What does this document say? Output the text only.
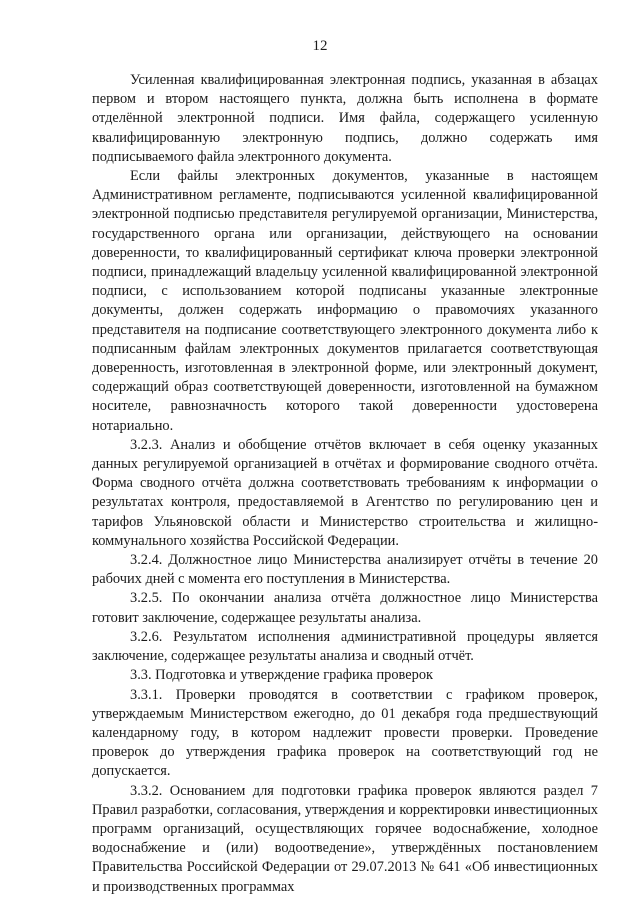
12

Усиленная квалифицированная электронная подпись, указанная в абзацах первом и втором настоящего пункта, должна быть исполнена в формате отделённой электронной подписи. Имя файла, содержащего усиленную квалифицированную электронную подпись, должно содержать имя подписываемого файла электронного документа.

Если файлы электронных документов, указанные в настоящем Административном регламенте, подписываются усиленной квалифицированной электронной подписью представителя регулируемой организации, Министерства, государственного органа или организации, действующего на основании доверенности, то квалифицированный сертификат ключа проверки электронной подписи, принадлежащий владельцу усиленной квалифицированной электронной подписи, с использованием которой подписаны указанные электронные документы, должен содержать информацию о правомочиях указанного представителя на подписание соответствующего электронного документа либо к подписанным файлам электронных документов прилагается соответствующая доверенность, изготовленная в электронной форме, или электронный документ, содержащий образ соответствующей доверенности, изготовленной на бумажном носителе, равнозначность которого такой доверенности удостоверена нотариально.

3.2.3. Анализ и обобщение отчётов включает в себя оценку указанных данных регулируемой организацией в отчётах и формирование сводного отчёта. Форма сводного отчёта должна соответствовать требованиям к информации о результатах контроля, предоставляемой в Агентство по регулированию цен и тарифов Ульяновской области и Министерство строительства и жилищно-коммунального хозяйства Российской Федерации.

3.2.4. Должностное лицо Министерства анализирует отчёты в течение 20 рабочих дней с момента его поступления в Министерства.

3.2.5. По окончании анализа отчёта должностное лицо Министерства готовит заключение, содержащее результаты анализа.

3.2.6. Результатом исполнения административной процедуры является заключение, содержащее результаты анализа и сводный отчёт.

3.3. Подготовка и утверждение графика проверок

3.3.1. Проверки проводятся в соответствии с графиком проверок, утверждаемым Министерством ежегодно, до 01 декабря года предшествующий календарному году, в котором надлежит провести проверки. Проведение проверок до утверждения графика проверок на соответствующий год не допускается.

3.3.2. Основанием для подготовки графика проверок являются раздел 7 Правил разработки, согласования, утверждения и корректировки инвестиционных программ организаций, осуществляющих горячее водоснабжение, холодное водоснабжение и (или) водоотведение», утверждённых постановлением Правительства Российской Федерации от 29.07.2013 № 641 «Об инвестиционных и производственных программах
